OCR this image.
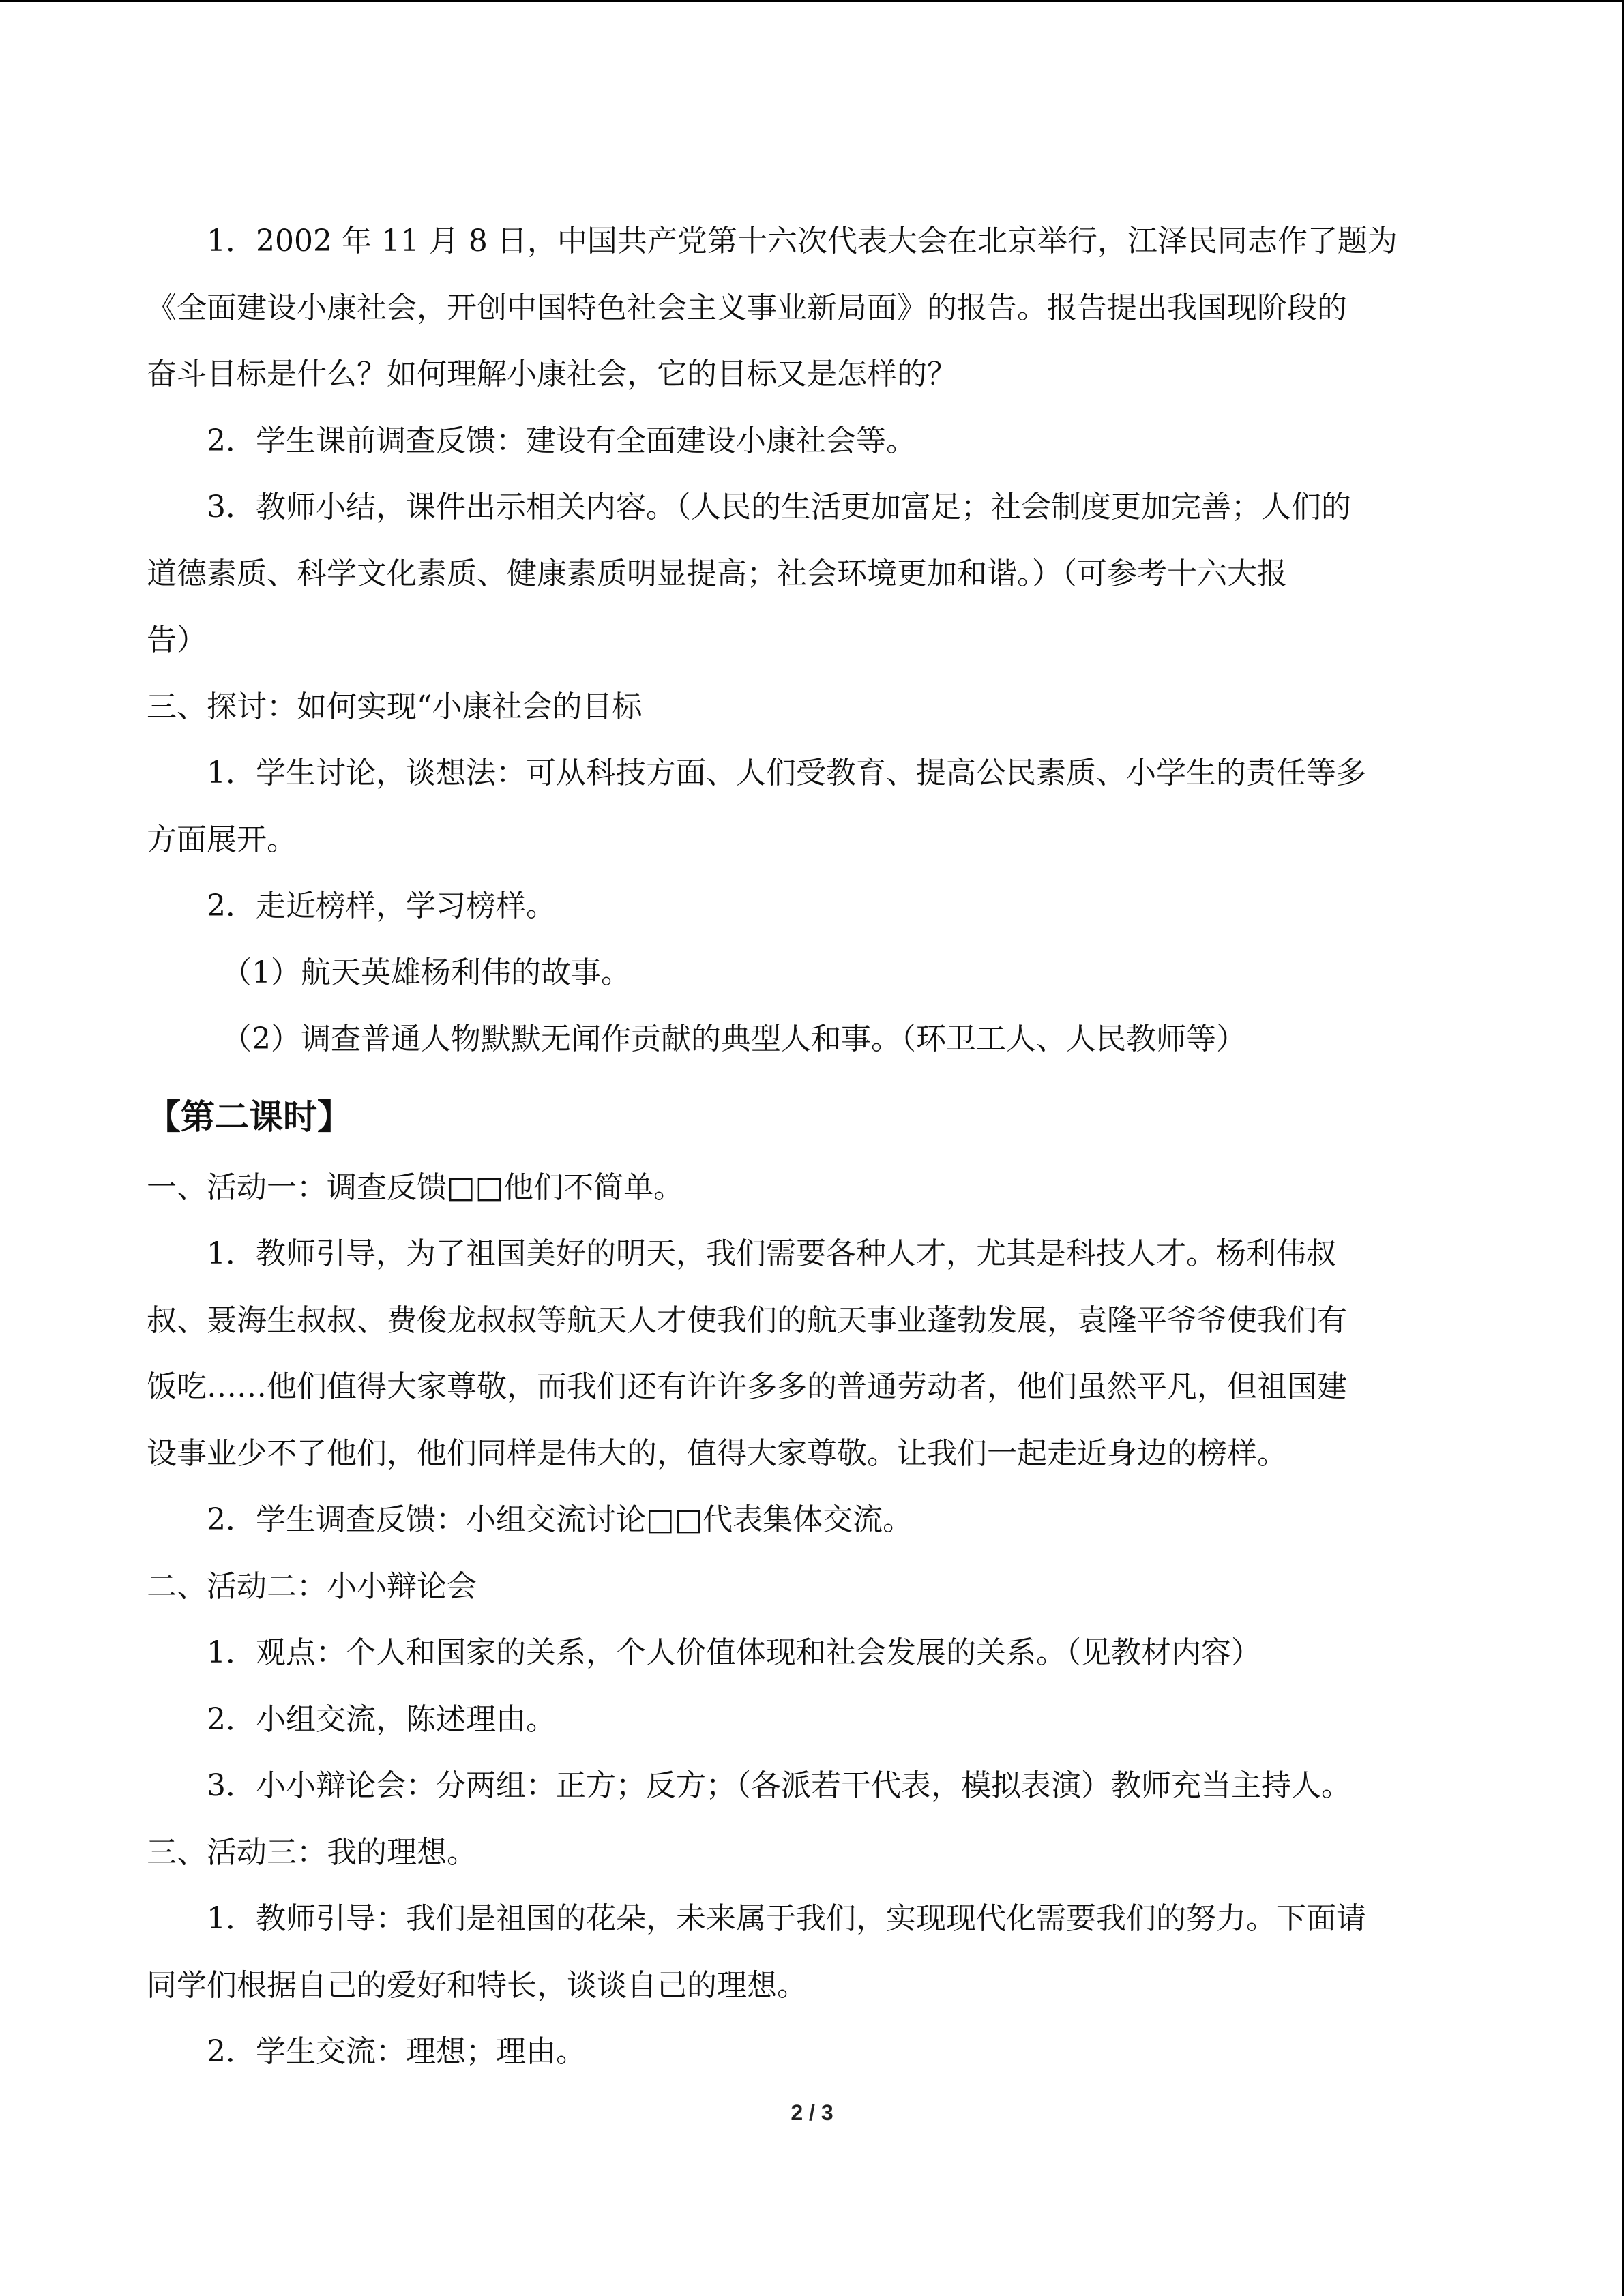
1．2002 年 11 月 8 日，中国共产党第十六次代表大会在北京举行，江泽民同志作了题为

《全面建设小康社会，开创中国特色社会主义事业新局面》的报告。报告提出我国现阶段的

奋斗目标是什么？如何理解小康社会，它的目标又是怎样的？

2．学生课前调查反馈：建设有全面建设小康社会等。

3．教师小结，课件出示相关内容。（人民的生活更加富足；社会制度更加完善；人们的

道德素质、科学文化素质、健康素质明显提高；社会环境更加和谐。）（可参考十六大报

告）

三、探讨：如何实现“小康社会的目标

1．学生讨论，谈想法：可从科技方面、人们受教育、提高公民素质、小学生的责任等多

方面展开。

2．走近榜样，学习榜样。

（1）航天英雄杨利伟的故事。

（2）调查普通人物默默无闻作贡献的典型人和事。（环卫工人、人民教师等）

【第二课时】

一、活动一：调查反馈□□他们不简单。

1．教师引导，为了祖国美好的明天，我们需要各种人才，尤其是科技人才。杨利伟叔

叔、聂海生叔叔、费俊龙叔叔等航天人才使我们的航天事业蓬勃发展，袁隆平爷爷使我们有

饭吃……他们值得大家尊敬，而我们还有许许多多的普通劳动者，他们虽然平凡，但祖国建

设事业少不了他们，他们同样是伟大的，值得大家尊敬。让我们一起走近身边的榜样。

2．学生调查反馈：小组交流讨论□□代表集体交流。

二、活动二：小小辩论会

1．观点：个人和国家的关系，个人价值体现和社会发展的关系。（见教材内容）

2．小组交流，陈述理由。

3．小小辩论会：分两组：正方；反方；（各派若干代表，模拟表演）教师充当主持人。

三、活动三：我的理想。

1．教师引导：我们是祖国的花朵，未来属于我们，实现现代化需要我们的努力。下面请

同学们根据自己的爱好和特长，谈谈自己的理想。

2．学生交流：理想；理由。

2 / 3
